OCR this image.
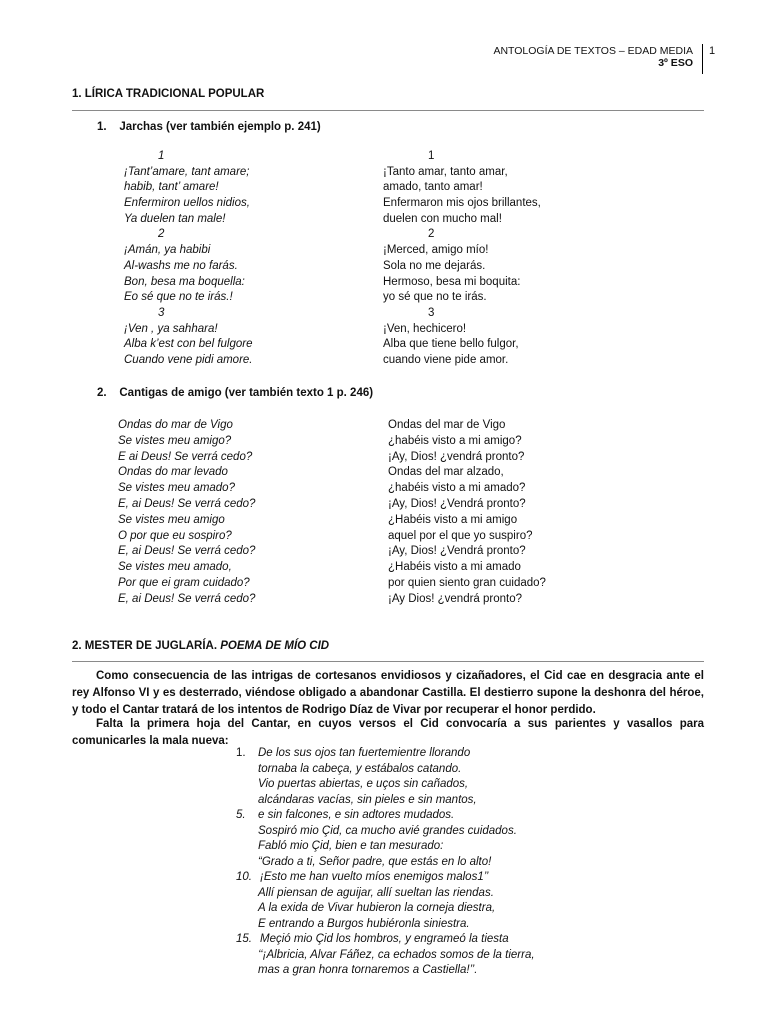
ANTOLOGÍA DE TEXTOS – EDAD MEDIA
3º ESO
1
1. LÍRICA TRADICIONAL POPULAR
1.    Jarchas (ver también ejemplo p. 241)
1
¡Tant’amare, tant amare;
habib, tant’ amare!
Enfermiron uellos nidios,
Ya duelen tan male!
2
¡Amán, ya habibi
Al-washs me no farás.
Bon, besa ma boquella:
Eo sé que no te irás.!
3
¡Ven , ya sahhara!
Alba k’est con bel fulgore
Cuando vene pidi amore.
1
¡Tanto amar, tanto amar,
amado, tanto amar!
Enfermaron mis ojos brillantes,
duelen con mucho mal!
2
¡Merced, amigo mío!
Sola no me dejarás.
Hermoso, besa mi boquita:
yo sé que no te irás.
3
¡Ven, hechicero!
Alba que tiene bello fulgor,
cuando viene pide amor.
2.    Cantigas de amigo (ver también texto 1 p. 246)
Ondas do mar de Vigo
Se vistes meu amigo?
E ai Deus! Se verrá cedo?
Ondas do mar levado
Se vistes meu amado?
E, ai Deus! Se verrá cedo?
Se vistes meu amigo
O por que eu sospiro?
E, ai Deus! Se verrá cedo?
Se vistes meu amado,
Por que ei gram cuidado?
E, ai Deus! Se verrá cedo?
Ondas del mar de Vigo
¿habéis visto a mi amigo?
¡Ay, Dios! ¿vendrá pronto?
Ondas del mar alzado,
¿habéis visto a mi amado?
¡Ay, Dios! ¿Vendrá pronto?
¿Habéis visto a mi amigo
aquel por el que yo suspiro?
¡Ay, Dios! ¿Vendrá pronto?
¿Habéis visto a mi amado
por quien siento gran cuidado?
¡Ay Dios! ¿vendrá pronto?
2. MESTER DE JUGLARÍA. POEMA DE MÍO CID
Como consecuencia de las intrigas de cortesanos envidiosos y cizañadores, el Cid cae en desgracia ante el rey Alfonso VI y es desterrado, viéndose obligado a abandonar Castilla. El destierro supone la deshonra del héroe, y todo el Cantar tratará de los intentos de Rodrigo Díaz de Vivar por recuperar el honor perdido.
Falta la primera hoja del Cantar, en cuyos versos el Cid convocaría a sus parientes y vasallos para comunicarles la mala nueva:
1. De los sus ojos tan fuertemientre llorando
tornaba la cabeça, y estábalos catando.
Vio puertas abiertas, e uços sin cañados,
alcándaras vacías, sin pieles e sin mantos,
5. e sin falcones, e sin adtores mudados.
Sospiró mio Çid, ca mucho avié grandes cuidados.
Fabló mio Çid, bien e tan mesurado:
“Grado a ti, Señor padre, que estás en lo alto!
10. ¡Esto me han vuelto míos enemigos malos1’’
Allí piensan de aguijar, allí sueltan las riendas.
A la exida de Vivar hubieron la corneja diestra,
E entrando a Burgos hubiéronla siniestra.
15. Meçió mio Çid los hombros, y engrameó la tiesta
‘‘¡Albricia, Alvar Fáñez, ca echados somos de la tierra,
mas a gran honra tornaremos a Castiella!’’.
